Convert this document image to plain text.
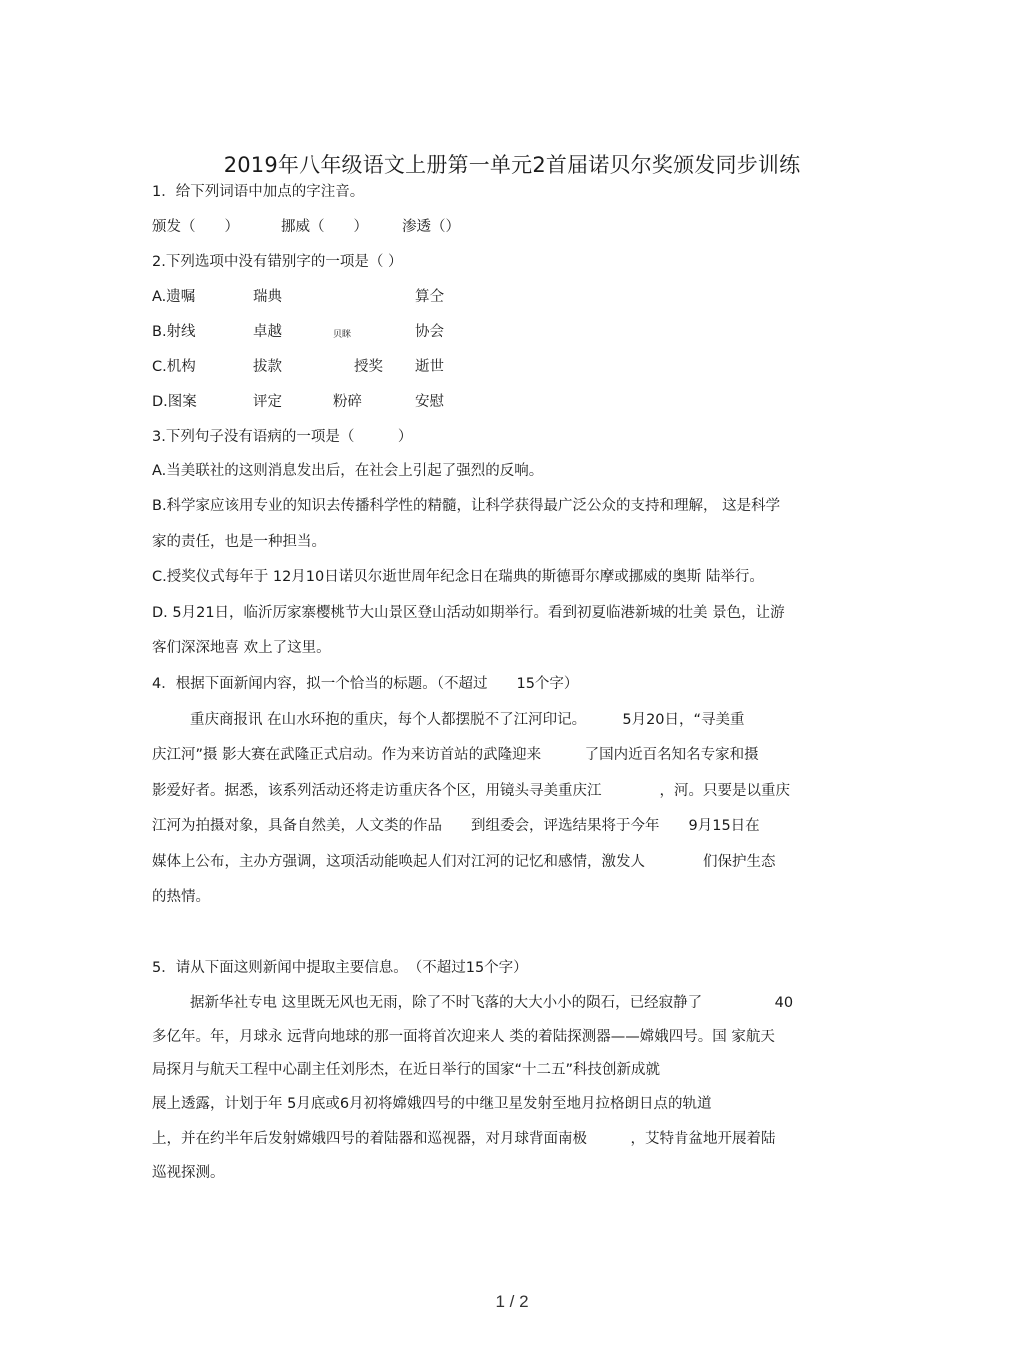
2019年八年级语文上册第一单元2首届诺贝尔奖颁发同步训练
1．给下列词语中加点的字注音。
颁发（　　）	挪威（　　） 渗透（）
2.下列选项中没有错别字的一项是（ ）
A.遗嘱	瑞典	算仝
B.射线	卓越	贝眯	协会
C.机构	拔款	授奖 逝世
D.图案	评定	粉碎	安慰
3.下列句子没有语病的一项是（　　　）
A.当美联社的这则消息发出后，在社会上引起了强烈的反响。
B.科学家应该用专业的知识去传播科学性的精髓，让科学获得最广泛公众的支持和理解， 这是科学
家的责任，也是一种担当。
C.授奖仪式每年于 12月10日诺贝尔逝世周年纪念日在瑞典的斯德哥尔摩或挪威的奥斯 陆举行。
D. 5月21日，临沂厉家寨樱桃节大山景区登山活动如期举行。看到初夏临港新城的壮美 景色，让游
客们深深地喜 欢上了这里。
4．根据下面新闻内容，拟一个恰当的标题。（不超过　　15个字）
重庆商报讯 在山水环抱的重庆，每个人都摆脱不了江河印记。　　　5月20日，“寻美重
庆江河”摄 影大赛在武隆正式启动。作为来访首站的武隆迎来　　　了国内近百名知名专家和摄
影爱好者。据悉，该系列活动还将走访重庆各个区，用镜头寻美重庆江　　　　，河。只要是以重庆
江河为拍摄对象，具备自然美，人文类的作品　　到组委会，评选结果将于今年　　9月15日在
媒体上公布，主办方强调，这项活动能唤起人们对江河的记忆和感情，激发人　　　　们保护生态
的热情。
5．请从下面这则新闻中提取主要信息。　（不超过15个字）
据新华社专电 这里既无风也无雨，除了不时飞落的大大小小的陨石，已经寂静了　　　　　40
多亿年。年，月球永 远背向地球的那一面将首次迎来人 类的着陆探测器——嫦娥四号。国 家航天
局探月与航天工程中心副主任刘彤杰，在近日举行的国家“十二五”科技创新成就
展上透露，计划于年 5月底或6月初将嫦娥四号的中继卫星发射至地月拉格朗日点的轨道
上，并在约半年后发射嫦娥四号的着陆器和巡视器，对月球背面南极　　　，艾特肯盆地开展着陆
巡视探测。
1 / 2
